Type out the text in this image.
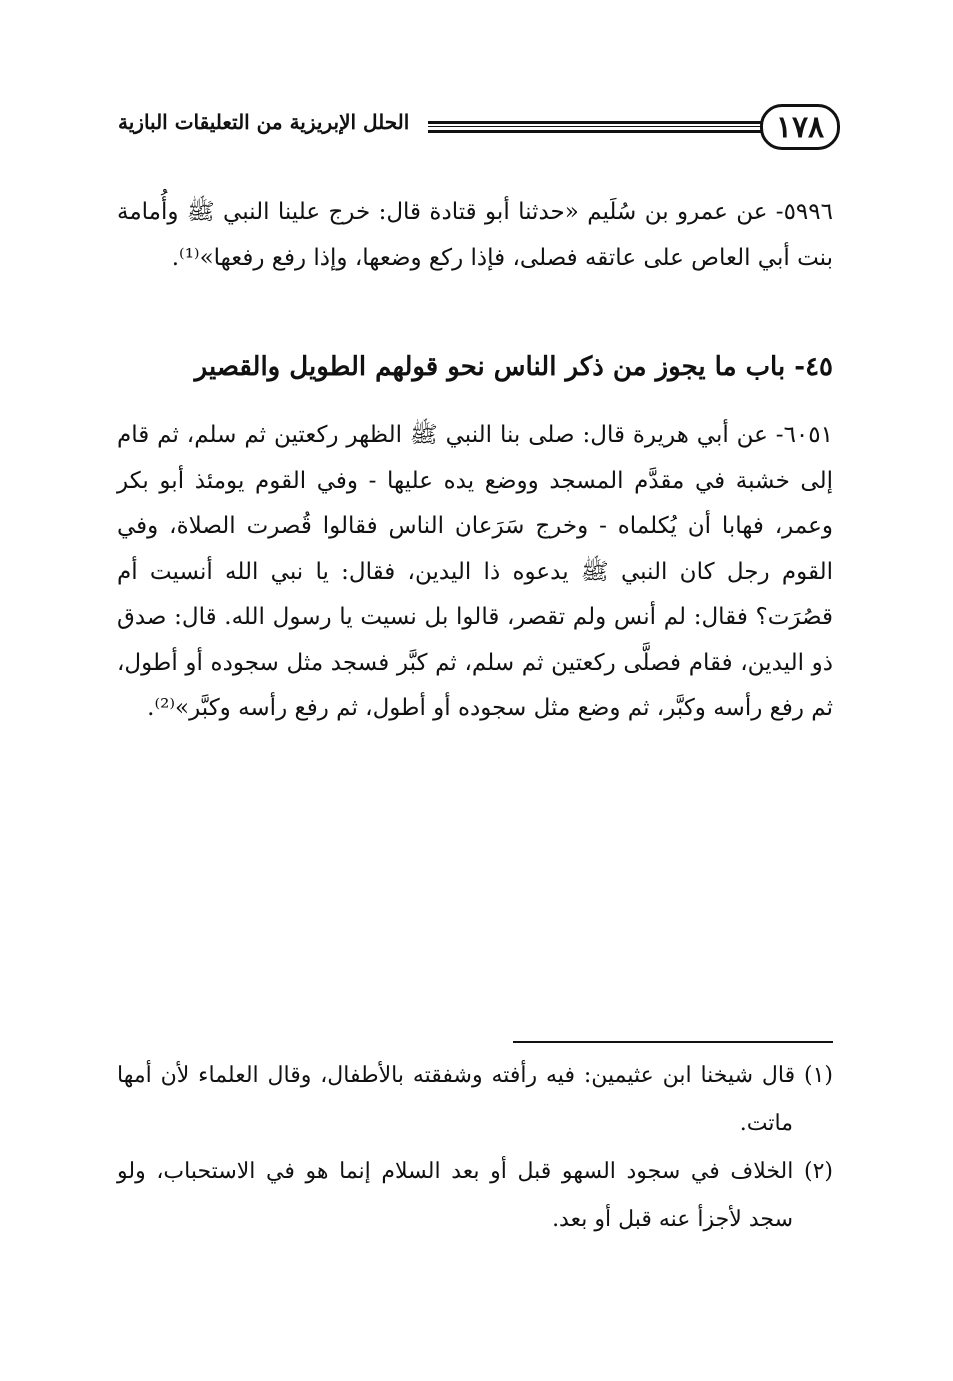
١٧٨
الحلل الإبريزية من التعليقات البازية

٥٩٩٦- عن عمرو بن سُلَيم «حدثنا أبو قتادة قال: خرج علينا النبي ﷺ وأُمامة بنت أبي العاص على عاتقه فصلى، فإذا ركع وضعها، وإذا رفع رفعها»⁽¹⁾.

٤٥- باب ما يجوز من ذكر الناس نحو قولهم الطويل والقصير

٦٠٥١- عن أبي هريرة قال: صلى بنا النبي ﷺ الظهر ركعتين ثم سلم، ثم قام إلى خشبة في مقدَّم المسجد ووضع يده عليها - وفي القوم يومئذ أبو بكر وعمر، فهابا أن يُكلماه - وخرج سَرَعان الناس فقالوا قُصرت الصلاة، وفي القوم رجل كان النبي ﷺ يدعوه ذا اليدين، فقال: يا نبي الله أنسيت أم قصُرَت؟ فقال: لم أنس ولم تقصر، قالوا بل نسيت يا رسول الله. قال: صدق ذو اليدين، فقام فصلَّى ركعتين ثم سلم، ثم كبَّر فسجد مثل سجوده أو أطول، ثم رفع رأسه وكبَّر، ثم وضع مثل سجوده أو أطول، ثم رفع رأسه وكبَّر»⁽²⁾.

(١) قال شيخنا ابن عثيمين: فيه رأفته وشفقته بالأطفال، وقال العلماء لأن أمها ماتت.

(٢) الخلاف في سجود السهو قبل أو بعد السلام إنما هو في الاستحباب، ولو سجد لأجزأ عنه قبل أو بعد.
